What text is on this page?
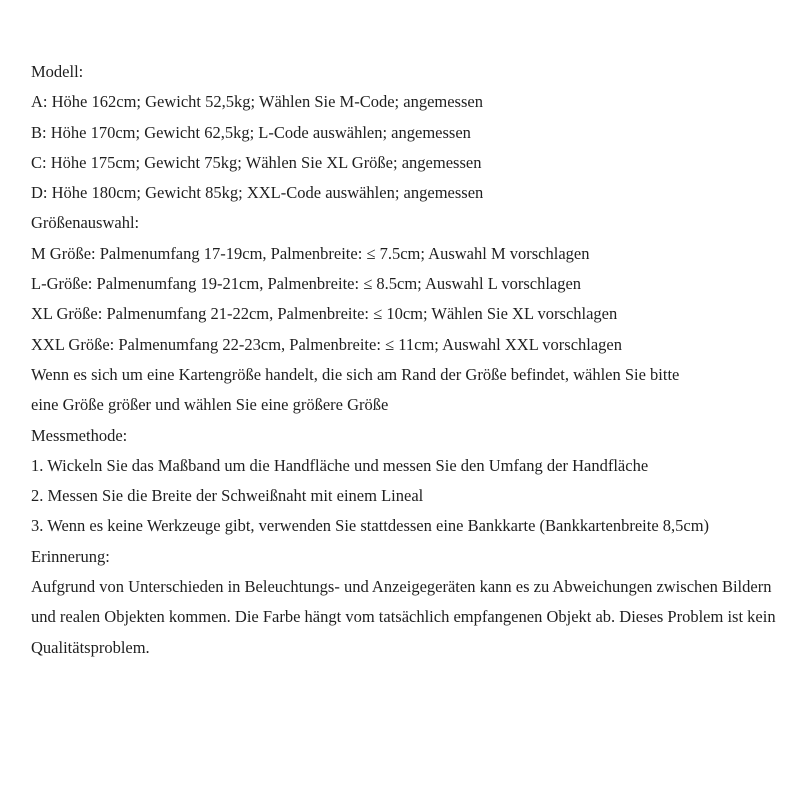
Modell:
A: Höhe 162cm; Gewicht 52,5kg; Wählen Sie M-Code; angemessen
B: Höhe 170cm; Gewicht 62,5kg; L-Code auswählen; angemessen
C: Höhe 175cm; Gewicht 75kg; Wählen Sie XL Größe; angemessen
D: Höhe 180cm; Gewicht 85kg; XXL-Code auswählen; angemessen
Größenauswahl:
M Größe: Palmenumfang 17-19cm, Palmenbreite: ≤ 7.5cm; Auswahl M vorschlagen
L-Größe: Palmenumfang 19-21cm, Palmenbreite: ≤ 8.5cm; Auswahl L vorschlagen
XL Größe: Palmenumfang 21-22cm, Palmenbreite: ≤ 10cm; Wählen Sie XL vorschlagen
XXL Größe: Palmenumfang 22-23cm, Palmenbreite: ≤ 11cm; Auswahl XXL vorschlagen
Wenn es sich um eine Kartengröße handelt, die sich am Rand der Größe befindet, wählen Sie bitte
eine Größe größer und wählen Sie eine größere Größe
Messmethode:
1. Wickeln Sie das Maßband um die Handfläche und messen Sie den Umfang der Handfläche
2. Messen Sie die Breite der Schweißnaht mit einem Lineal
3. Wenn es keine Werkzeuge gibt, verwenden Sie stattdessen eine Bankkarte (Bankkartenbreite 8,5cm)
Erinnerung:
Aufgrund von Unterschieden in Beleuchtungs- und Anzeigegeräten kann es zu Abweichungen zwischen Bildern und realen Objekten kommen. Die Farbe hängt vom tatsächlich empfangenen Objekt ab. Dieses Problem ist kein Qualitätsproblem.
